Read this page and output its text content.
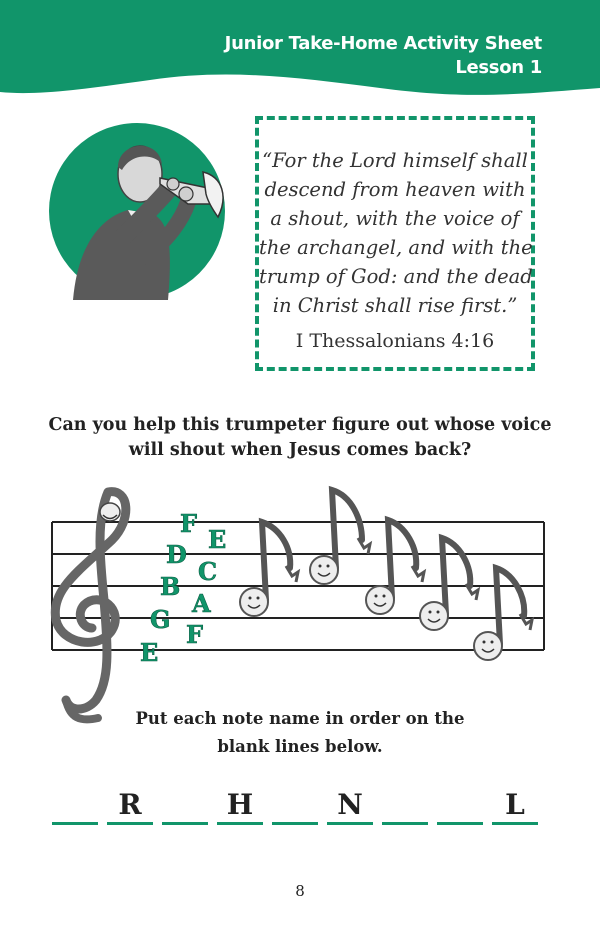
Junior Take-Home Activity Sheet
Lesson 1
“For the Lord himself shall
descend from heaven with
a shout, with the voice of
the archangel, and with the
trump of God: and the dead
in Christ shall rise first.”
I Thessalonians 4:16
Can you help this trumpeter figure out whose voice
will shout when Jesus comes back?
F
E
D
C
B
A
G
F
E
Put each note name in order on the
blank lines below.
R	H	N	L
8
